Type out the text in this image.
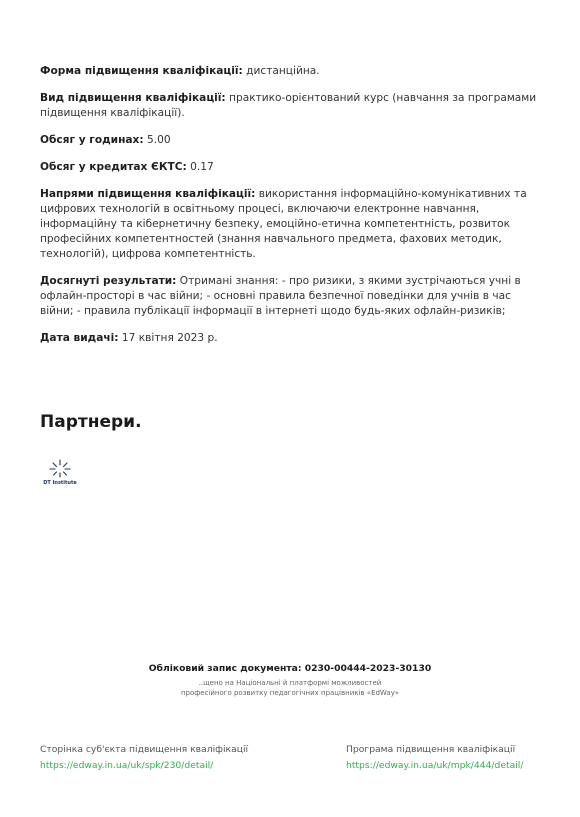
Форма підвищення кваліфікації: дистанційна.

Вид підвищення кваліфікації: практико-орієнтований курс (навчання за програмами підвищення кваліфікації).

Обсяг у годинах: 5.00

Обсяг у кредитах ЄКТС: 0.17

Напрями підвищення кваліфікації: використання інформаційно-комунікативних та цифрових технологій в освітньому процесі, включаючи електронне навчання, інформаційну та кібернетичну безпеку, емоційно-етична компетентність, розвиток професійних компетентностей (знання навчального предмета, фахових методик, технологій), цифрова компетентність.

Досягнуті результати: Отримані знання: - про ризики, з якими зустрічаються учні в офлайн-просторі в час війни; - основні правила безпечної поведінки для учнів в час війни; - правила публікації інформації в інтернеті щодо будь-яких офлайн-ризиків;

Дата видачі: 17 квітня 2023 р.

Партнери.
DT Institute
Обліковий запис документа: 0230-00444-2023-30130
..щено на Національні й платформі можливостей
професійного розвитку педагогічних працівників «EdWay»
Сторінка суб'єкта підвищення кваліфікації
https://edway.in.ua/uk/spk/230/detail/
Програма підвищення кваліфікації
https://edway.in.ua/uk/mpk/444/detail/
